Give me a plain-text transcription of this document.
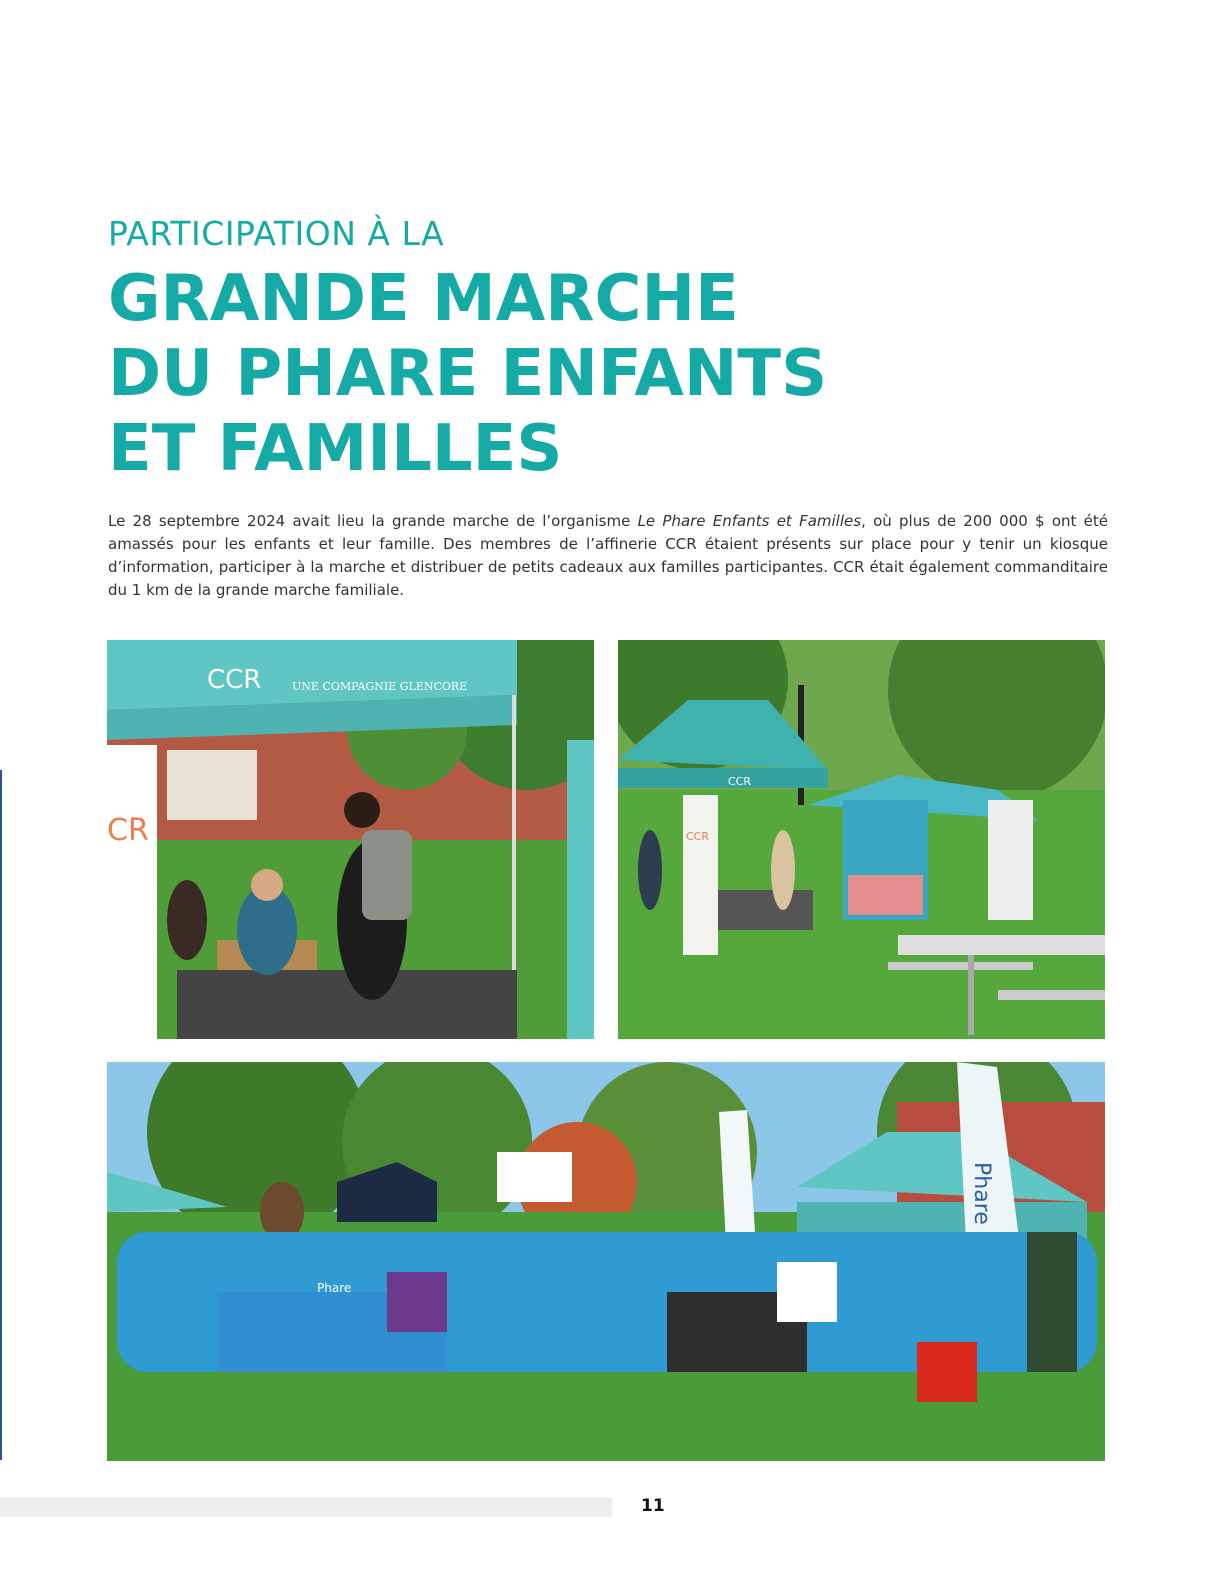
PARTICIPATION À LA
GRANDE MARCHE
DU PHARE ENFANTS
ET FAMILLES

Le 28 septembre 2024 avait lieu la grande marche de l’organisme Le Phare Enfants et Familles, où plus de 200 000 $ ont été amassés pour les enfants et leur famille. Des membres de l’affinerie CCR étaient présents sur place pour y tenir un kiosque d’information, participer à la marche et distribuer de petits cadeaux aux familles participantes. CCR était également commanditaire du 1 km de la grande marche familiale.

CCR	UNE COMPAGNIE GLENCORE
CR
CCR
CCR
Phare
Phare
11
